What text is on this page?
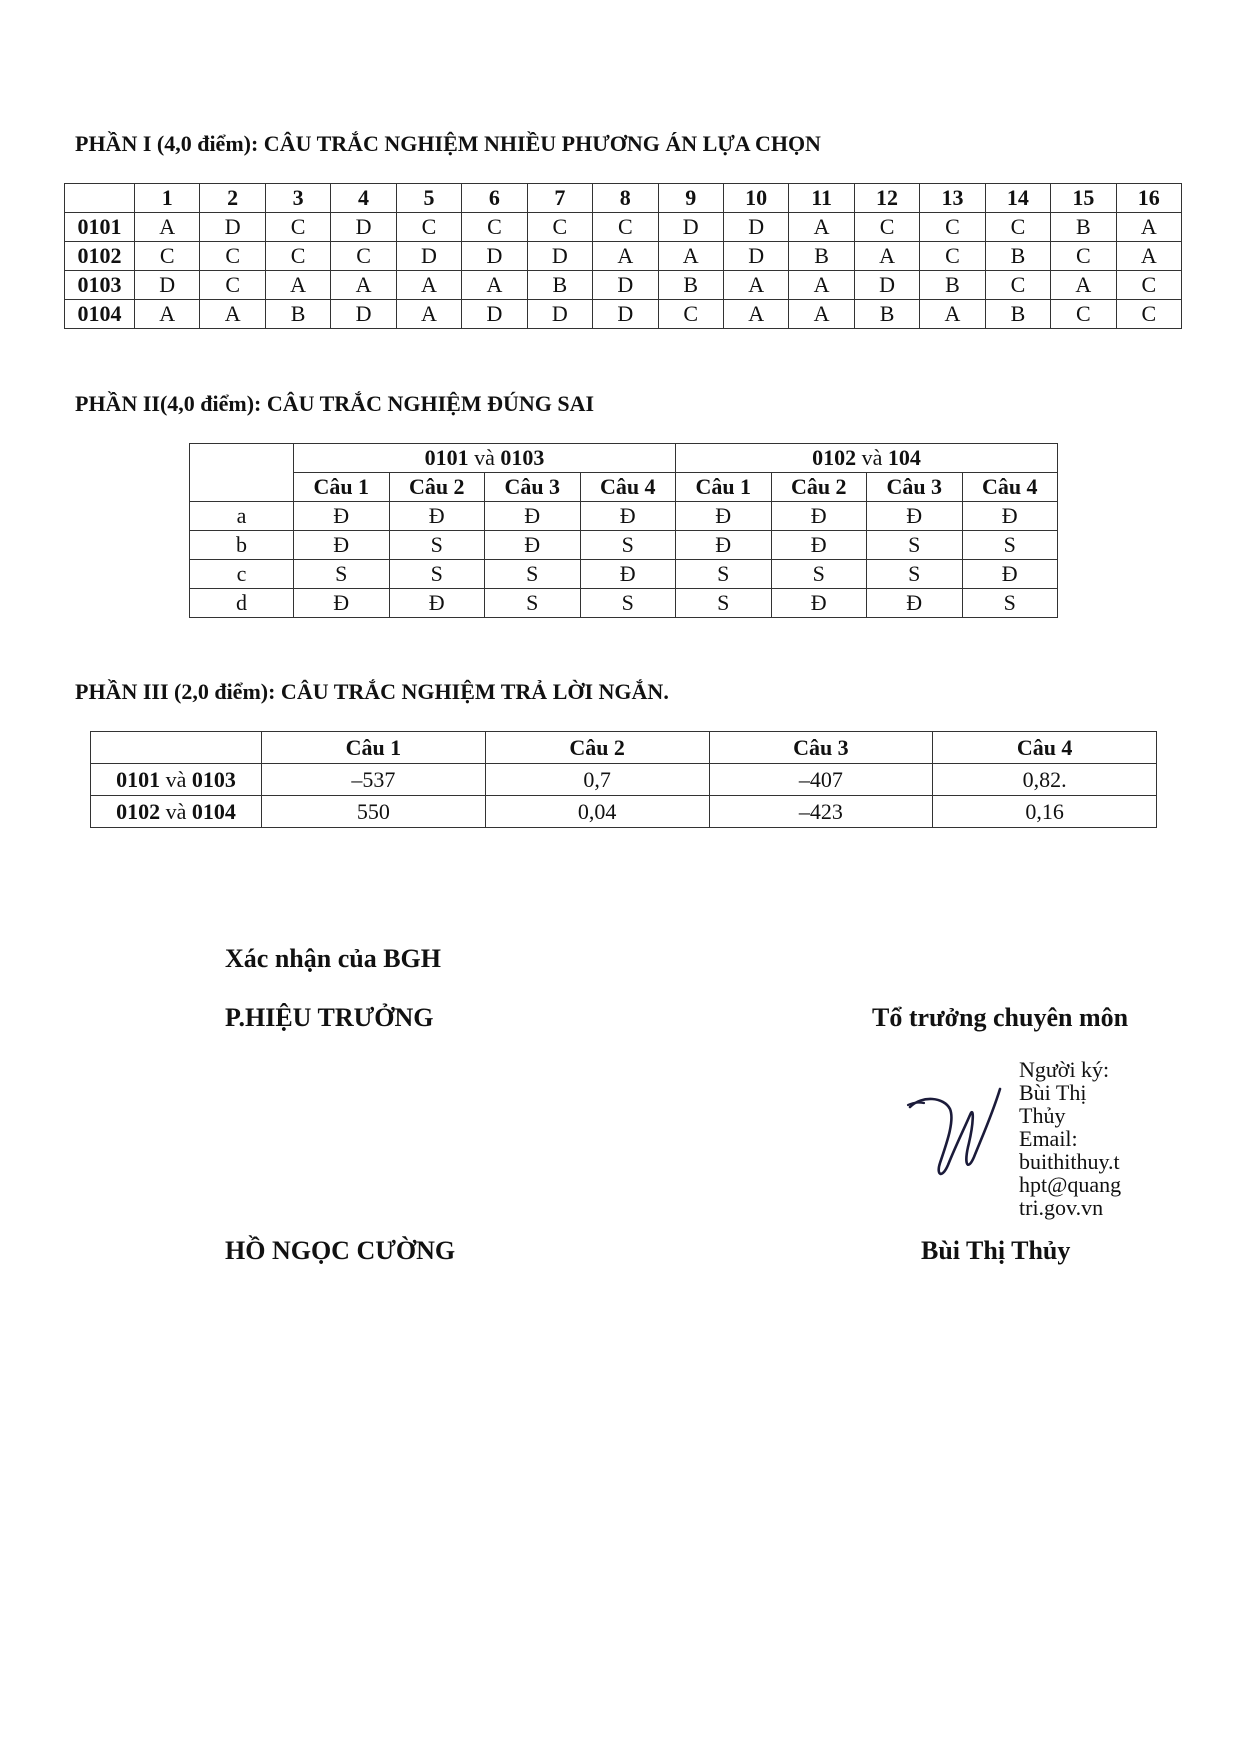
PHẦN I (4,0 điểm): CÂU TRẮC NGHIỆM NHIỀU PHƯƠNG ÁN LỰA CHỌN
	1	2	3	4	5	6	7	8	9	10	11	12	13	14	15	16
0101	A	D	C	D	C	C	C	C	D	D	A	C	C	C	B	A
0102	C	C	C	C	D	D	D	A	A	D	B	A	C	B	C	A
0103	D	C	A	A	A	A	B	D	B	A	A	D	B	C	A	C
0104	A	A	B	D	A	D	D	D	C	A	A	B	A	B	C	C
PHẦN II(4,0 điểm): CÂU TRẮC NGHIỆM ĐÚNG SAI
	0101 và 0103				0102 và 104			
	Câu 1	Câu 2	Câu 3	Câu 4	Câu 1	Câu 2	Câu 3	Câu 4
a	Đ	Đ	Đ	Đ	Đ	Đ	Đ	Đ
b	Đ	S	Đ	S	Đ	Đ	S	S
c	S	S	S	Đ	S	S	S	Đ
d	Đ	Đ	S	S	S	Đ	Đ	S
PHẦN III (2,0 điểm): CÂU TRẮC NGHIỆM TRẢ LỜI NGẮN.
	Câu 1	Câu 2	Câu 3	Câu 4
0101 và 0103	–537	0,7	–407	0,82.
0102 và 0104	550	0,04	–423	0,16
Xác nhận của BGH
P.HIỆU TRƯỞNG	Tổ trưởng chuyên môn
Người ký:
Bùi Thị
Thủy
Email:
buithithuy.t
hpt@quang
tri.gov.vn
HỒ NGỌC CƯỜNG	Bùi Thị Thủy
